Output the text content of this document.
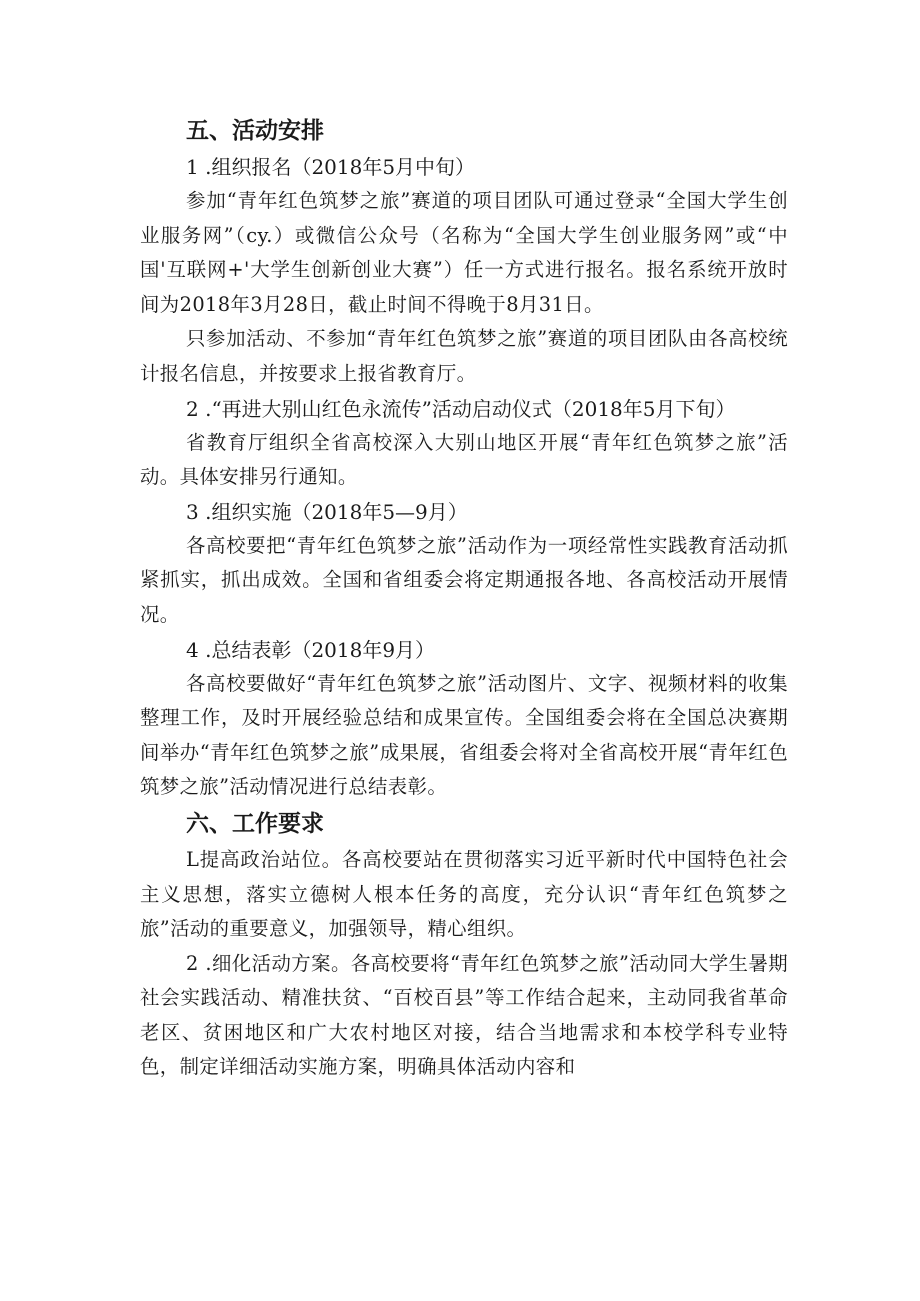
五、活动安排

1 .组织报名（2018年5月中旬）

参加“青年红色筑梦之旅”赛道的项目团队可通过登录“全国大学生创业服务网”（cy.）或微信公众号（名称为“全国大学生创业服务网”或“中国'互联网+'大学生创新创业大赛”）任一方式进行报名。报名系统开放时间为2018年3月28日，截止时间不得晚于8月31日。

只参加活动、不参加“青年红色筑梦之旅”赛道的项目团队由各高校统计报名信息，并按要求上报省教育厅。

2 .“再进大别山红色永流传”活动启动仪式（2018年5月下旬）

省教育厅组织全省高校深入大别山地区开展“青年红色筑梦之旅”活动。具体安排另行通知。

3 .组织实施（2018年5—9月）

各高校要把“青年红色筑梦之旅”活动作为一项经常性实践教育活动抓紧抓实，抓出成效。全国和省组委会将定期通报各地、各高校活动开展情况。

4 .总结表彰（2018年9月）

各高校要做好“青年红色筑梦之旅”活动图片、文字、视频材料的收集整理工作，及时开展经验总结和成果宣传。全国组委会将在全国总决赛期间举办“青年红色筑梦之旅”成果展，省组委会将对全省高校开展“青年红色筑梦之旅”活动情况进行总结表彰。

六、工作要求

L提高政治站位。各高校要站在贯彻落实习近平新时代中国特色社会主义思想，落实立德树人根本任务的高度，充分认识“青年红色筑梦之旅”活动的重要意义，加强领导，精心组织。

2 .细化活动方案。各高校要将“青年红色筑梦之旅”活动同大学生暑期社会实践活动、精准扶贫、“百校百县”等工作结合起来，主动同我省革命老区、贫困地区和广大农村地区对接，结合当地需求和本校学科专业特色，制定详细活动实施方案，明确具体活动内容和
